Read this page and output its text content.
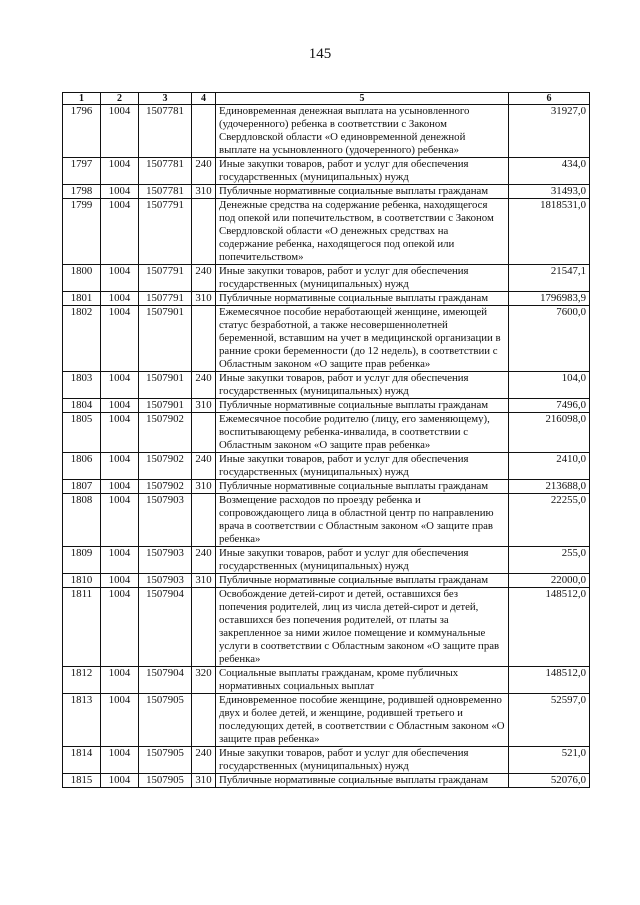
145
1	2	3	4	5	6
1796	1004	1507781		Единовременная денежная выплата на усыновленного (удочеренного) ребенка в соответствии с Законом Свердловской области «О единовременной денежной выплате на усыновленного (удочеренного) ребенка»	31927,0
1797	1004	1507781	240	Иные закупки товаров, работ и услуг для обеспечения государственных (муниципальных) нужд	434,0
1798	1004	1507781	310	Публичные нормативные социальные выплаты гражданам	31493,0
1799	1004	1507791		Денежные средства на содержание ребенка, находящегося под опекой или попечительством, в соответствии с Законом Свердловской области «О денежных средствах на содержание ребенка, находящегося под опекой или попечительством»	1818531,0
1800	1004	1507791	240	Иные закупки товаров, работ и услуг для обеспечения государственных (муниципальных) нужд	21547,1
1801	1004	1507791	310	Публичные нормативные социальные выплаты гражданам	1796983,9
1802	1004	1507901		Ежемесячное пособие неработающей женщине, имеющей статус безработной, а также несовершеннолетней беременной, вставшим на учет в медицинской организации в ранние сроки беременности (до 12 недель), в соответствии с Областным законом «О защите прав ребенка»	7600,0
1803	1004	1507901	240	Иные закупки товаров, работ и услуг для обеспечения государственных (муниципальных) нужд	104,0
1804	1004	1507901	310	Публичные нормативные социальные выплаты гражданам	7496,0
1805	1004	1507902		Ежемесячное пособие родителю (лицу, его заменяющему), воспитывающему ребенка-инвалида, в соответствии с Областным законом «О защите прав ребенка»	216098,0
1806	1004	1507902	240	Иные закупки товаров, работ и услуг для обеспечения государственных (муниципальных) нужд	2410,0
1807	1004	1507902	310	Публичные нормативные социальные выплаты гражданам	213688,0
1808	1004	1507903		Возмещение расходов по проезду ребенка и сопровождающего лица в областной центр по направлению врача в соответствии с Областным законом «О защите прав ребенка»	22255,0
1809	1004	1507903	240	Иные закупки товаров, работ и услуг для обеспечения государственных (муниципальных) нужд	255,0
1810	1004	1507903	310	Публичные нормативные социальные выплаты гражданам	22000,0
1811	1004	1507904		Освобождение детей-сирот и детей, оставшихся без попечения родителей, лиц из числа детей-сирот и детей, оставшихся без попечения родителей, от платы за закрепленное за ними жилое помещение и коммунальные услуги в соответствии с Областным законом «О защите прав ребенка»	148512,0
1812	1004	1507904	320	Социальные выплаты гражданам, кроме публичных нормативных социальных выплат	148512,0
1813	1004	1507905		Единовременное пособие женщине, родившей одновременно двух и более детей, и женщине, родившей третьего и последующих детей, в соответствии с Областным законом «О защите прав ребенка»	52597,0
1814	1004	1507905	240	Иные закупки товаров, работ и услуг для обеспечения государственных (муниципальных) нужд	521,0
1815	1004	1507905	310	Публичные нормативные социальные выплаты гражданам	52076,0
